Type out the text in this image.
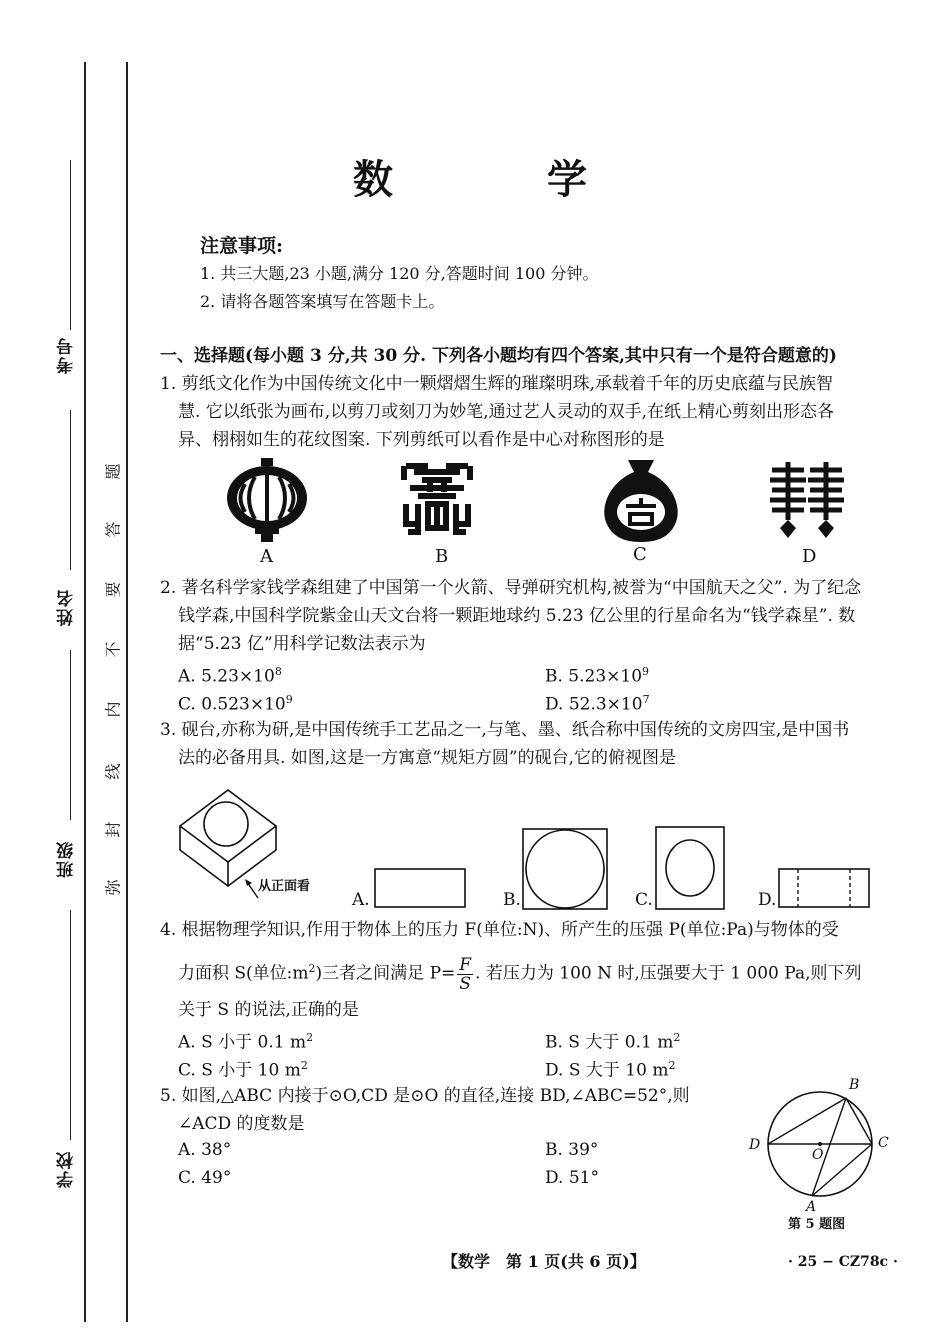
考号
姓名
班级
学校
题
答
要
不
内
线
封
弥
数 学
注意事项:
1. 共三大题,23 小题,满分 120 分,答题时间 100 分钟。
2. 请将各题答案填写在答题卡上。
一、选择题(每小题 3 分,共 30 分. 下列各小题均有四个答案,其中只有一个是符合题意的)
1. 剪纸文化作为中国传统文化中一颗熠熠生辉的璀璨明珠,承载着千年的历史底蕴与民族智
慧. 它以纸张为画布,以剪刀或刻刀为妙笔,通过艺人灵动的双手,在纸上精心剪刻出形态各
异、栩栩如生的花纹图案. 下列剪纸可以看作是中心对称图形的是
A	B	C	D
2. 著名科学家钱学森组建了中国第一个火箭、导弹研究机构,被誉为“中国航天之父”. 为了纪念
钱学森,中国科学院紫金山天文台将一颗距地球约 5.23 亿公里的行星命名为“钱学森星”. 数
据“5.23 亿”用科学记数法表示为
A. $5.23\times 10^8$	B. $5.23\times 10^9$
C. $0.523\times 10^9$	D. $52.3\times 10^7$
3. 砚台,亦称为研,是中国传统手工艺品之一,与笔、墨、纸合称中国传统的文房四宝,是中国书
法的必备用具. 如图,这是一方寓意“规矩方圆”的砚台,它的俯视图是
从正面看
A.	B.	C.	D.
4. 根据物理学知识,作用于物体上的压力 F(单位:N)、所产生的压强 P(单位:Pa)与物体的受
力面积 S(单位$:m^2$)三者之间满足 $P= \frac{F}{S}$ . 若压力为 100 N 时,压强要大于 1 000 Pa,则下列
关于 S 的说法,正确的是
A. S 小于 0.1 $m^2$	B. S 大于 0.1 $m^2$
C. S 小于 10 $m^2$	D. S 大于 10 $m^2$
5. 如图,△ABC 内接于⊙O,CD 是⊙O 的直径,连接 BD,∠ABC=52°,则
∠ACD 的度数是
A. 38°	B. 39°
C. 49°	D. 51°
B
D	C
O
A
第 5 题图
【数学　第 1 页(共 6 页)】	· 25 − CZ78c ·
